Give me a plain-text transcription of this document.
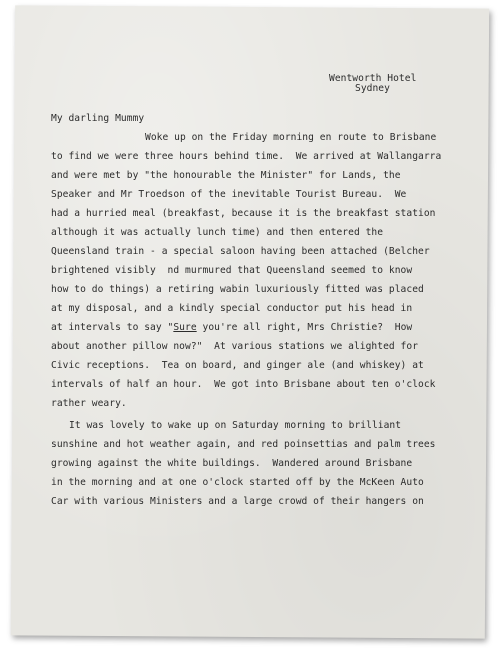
Wentworth Hotel
Sydney
My darling Mummy
Woke up on the Friday morning en route to Brisbane
to find we were three hours behind time.  We arrived at Wallangarra
and were met by "the honourable the Minister" for Lands, the
Speaker and Mr Troedson of the inevitable Tourist Bureau.  We
had a hurried meal (breakfast, because it is the breakfast station
although it was actually lunch time) and then entered the
Queensland train - a special saloon having been attached (Belcher
brightened visibly  nd murmured that Queensland seemed to know
how to do things) a retiring wabin luxuriously fitted was placed
at my disposal, and a kindly special conductor put his head in
at intervals to say "Sure you're all right, Mrs Christie?  How
about another pillow now?"  At various stations we alighted for
Civic receptions.  Tea on board, and ginger ale (and whiskey) at
intervals of half an hour.  We got into Brisbane about ten o'clock
rather weary.
It was lovely to wake up on Saturday morning to brilliant
sunshine and hot weather again, and red poinsettias and palm trees
growing against the white buildings.  Wandered around Brisbane
in the morning and at one o'clock started off by the McKeen Auto
Car with various Ministers and a large crowd of their hangers on
